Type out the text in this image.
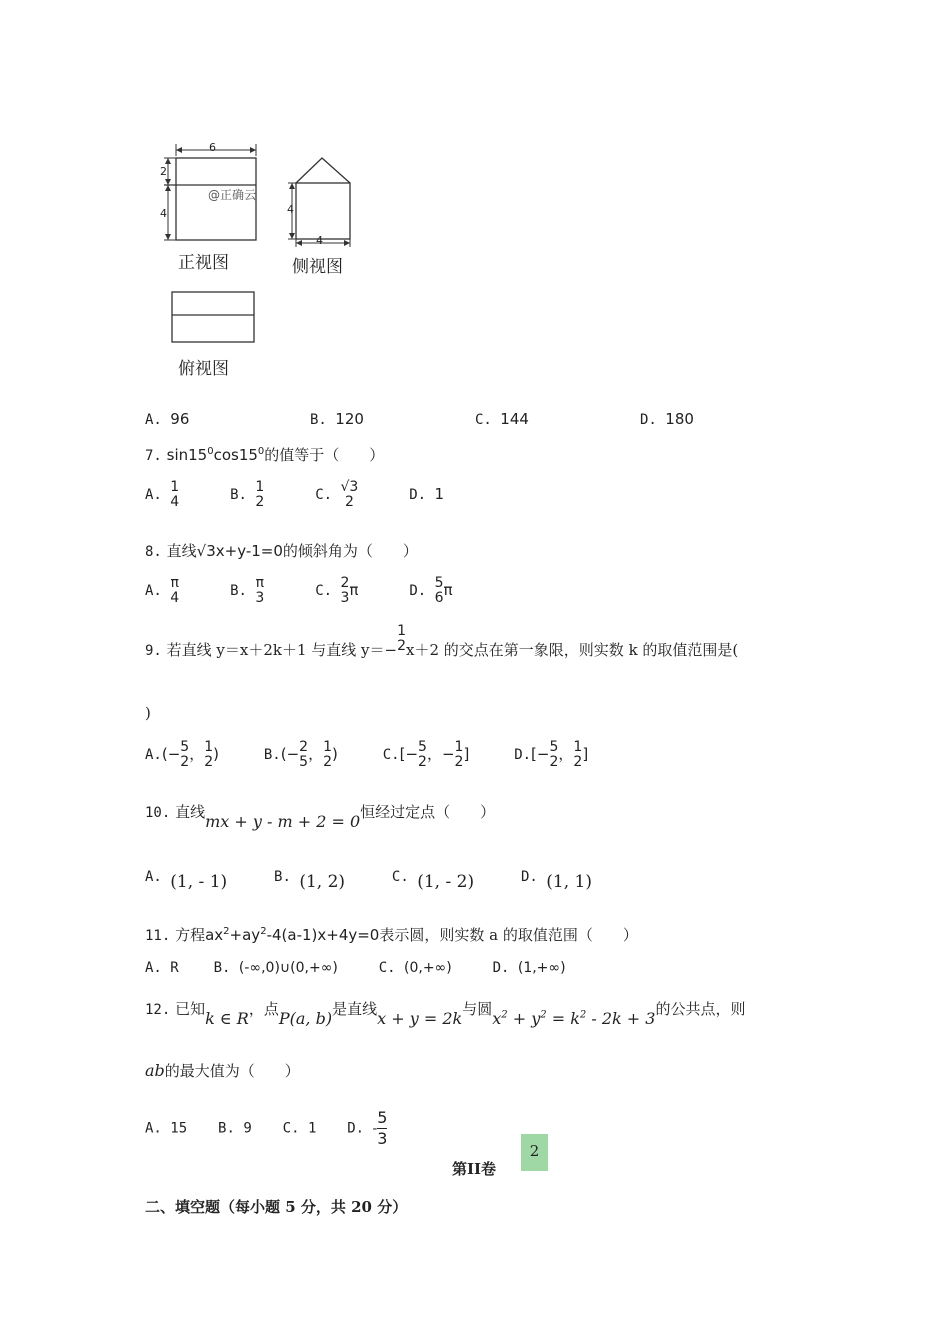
6
2
4
@正确云
正视图
4
4
侧视图
俯视图
A. 96	B. 120	C. 144	D. 180
7. $\sin 15^0\cos 15^0$的值等于（　　）
A. 1
4	B. 1
2	C. √3
2	D. 1
8. 直线√3x+y-1=0的倾斜角为（　　）
A. π
4	B. π
3	C. 2
3 π	D. 5
6 π
9. 若直线 y＝x＋2k＋1 与直线 y＝−
1
2 x＋2 的交点在第一象限，则实数 k 的取值范围是(
)
A.(− 5
2 ， 1
2 )	B.(− 2
5 ， 1
2 )	C.[− 5
2 ，− 1
2 ]	D.[− 5
2 ， 1
2 ]
10. 直线mx + y - m + 2 = 0恒经过定点（　　）
A. (1, - 1)	B. (1, 2)	C. (1, - 2)	D. (1, 1)
11. 方程$ax^2+ay^2-4(a-1)x+4y=0$表示圆，则实数 a 的取值范围（　　）
A. R B. (-∞,0)∪(0,+∞)	C. (0,+∞)	D. (1,+∞)
12. 已知k ∈ R，点P(a, b)是直线x + y = 2k与圆$x^2 + y^2 = k^2 - 2k + 3$的公共点，则
ab的最大值为（　　）
A. 15 B. 9 C. 1 D. - $\frac{5}{3}$
第II卷
2
二、填空题（每小题 5 分，共 20 分）
